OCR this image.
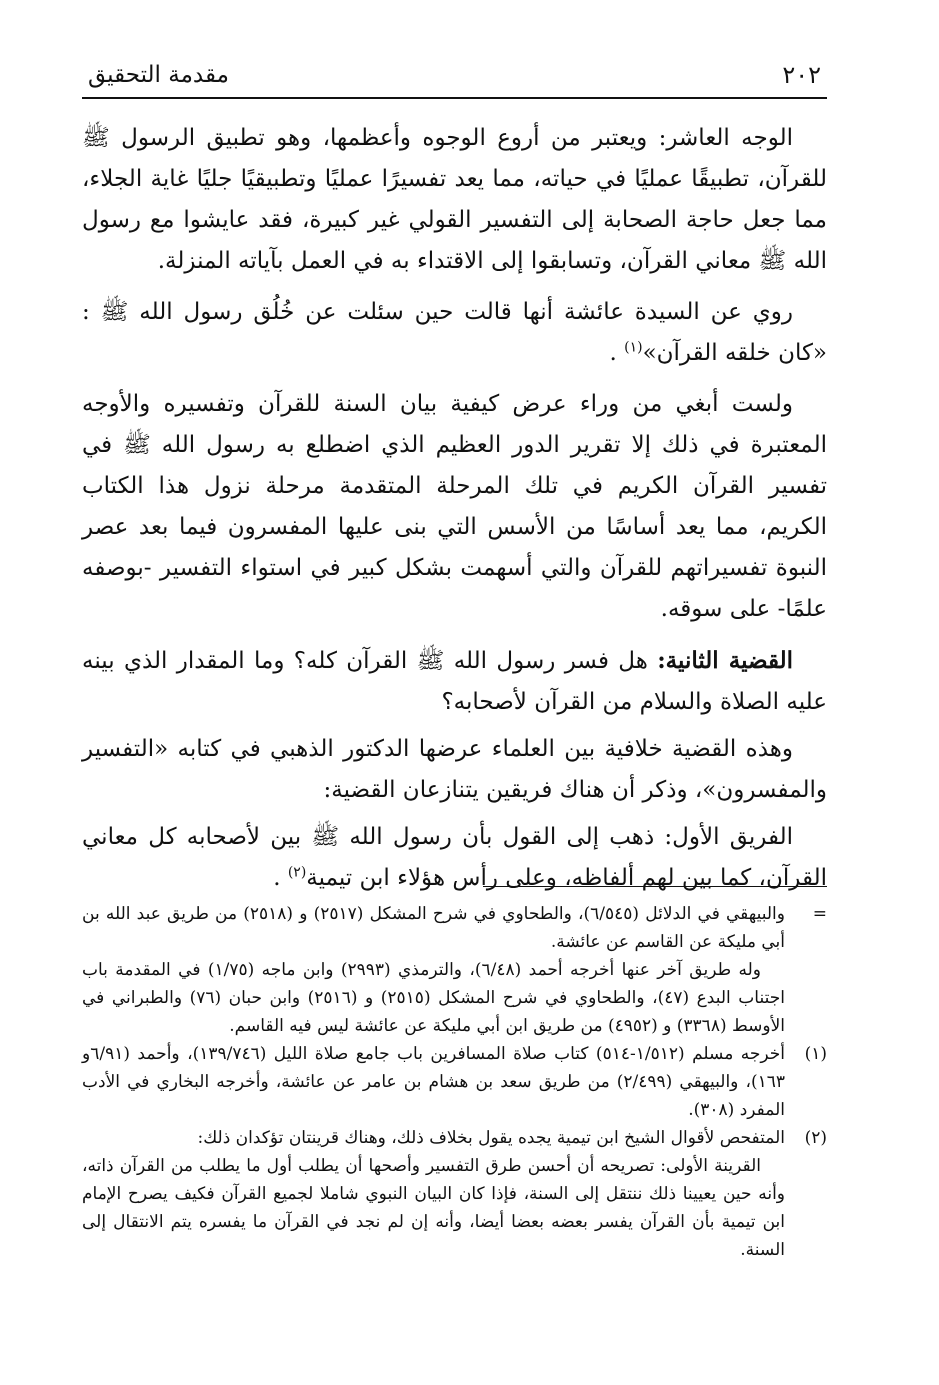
٢٠٢
مقدمة التحقيق

الوجه العاشر: ويعتبر من أروع الوجوه وأعظمها، وهو تطبيق الرسول ﷺ للقرآن، تطبيقًا عمليًا في حياته، مما يعد تفسيرًا عمليًا وتطبيقيًا جليًا غاية الجلاء، مما جعل حاجة الصحابة إلى التفسير القولي غير كبيرة، فقد عايشوا مع رسول الله ﷺ معاني القرآن، وتسابقوا إلى الاقتداء به في العمل بآياته المنزلة.

روي عن السيدة عائشة أنها قالت حين سئلت عن خُلُق رسول الله ﷺ : «كان خلقه القرآن»$^{(١)}$ .

ولست أبغي من وراء عرض كيفية بيان السنة للقرآن وتفسيره والأوجه المعتبرة في ذلك إلا تقرير الدور العظيم الذي اضطلع به رسول الله ﷺ في تفسير القرآن الكريم في تلك المرحلة المتقدمة مرحلة نزول هذا الكتاب الكريم، مما يعد أساسًا من الأسس التي بنى عليها المفسرون فيما بعد عصر النبوة تفسيراتهم للقرآن والتي أسهمت بشكل كبير في استواء التفسير -بوصفه علمًا- على سوقه.

القضية الثانية: هل فسر رسول الله ﷺ القرآن كله؟ وما المقدار الذي بينه عليه الصلاة والسلام من القرآن لأصحابه؟

وهذه القضية خلافية بين العلماء عرضها الدكتور الذهبي في كتابه «التفسير والمفسرون»، وذكر أن هناك فريقين يتنازعان القضية:

الفريق الأول: ذهب إلى القول بأن رسول الله ﷺ بين لأصحابه كل معاني القرآن، كما بين لهم ألفاظه، وعلى رأس هؤلاء ابن تيمية$^{(٢)}$ .

=

والبيهقي في الدلائل (٦/٥٤٥)، والطحاوي في شرح المشكل (٢٥١٧) و (٢٥١٨) من طريق عبد الله بن أبي مليكة عن القاسم عن عائشة.

وله طريق آخر عنها أخرجه أحمد (٦/٤٨)، والترمذي (٢٩٩٣) وابن ماجه (١/٧٥) في المقدمة باب اجتناب البدع (٤٧)، والطحاوي في شرح المشكل (٢٥١٥) و (٢٥١٦) وابن حبان (٧٦) والطبراني في الأوسط (٣٣٦٨) و (٤٩٥٢) من طريق ابن أبي مليكة عن عائشة ليس فيه القاسم.

(١)

أخرجه مسلم (١/٥١٢-٥١٤) كتاب صلاة المسافرين باب جامع صلاة الليل (١٣٩/٧٤٦)، وأحمد (٦/٩١و ١٦٣)، والبيهقي (٢/٤٩٩) من طريق سعد بن هشام بن عامر عن عائشة، وأخرجه البخاري في الأدب المفرد (٣٠٨).

(٢)

المتفحص لأقوال الشيخ ابن تيمية يجده يقول بخلاف ذلك، وهناك قرينتان تؤكدان ذلك:

القرينة الأولى: تصريحه أن أحسن طرق التفسير وأصحها أن يطلب أول ما يطلب من القرآن ذاته، وأنه حين يعيينا ذلك ننتقل إلى السنة، فإذا كان البيان النبوي شاملا لجميع القرآن فكيف يصرح الإمام ابن تيمية بأن القرآن يفسر بعضه بعضا أيضا، وأنه إن لم نجد في القرآن ما يفسره يتم الانتقال إلى السنة.
